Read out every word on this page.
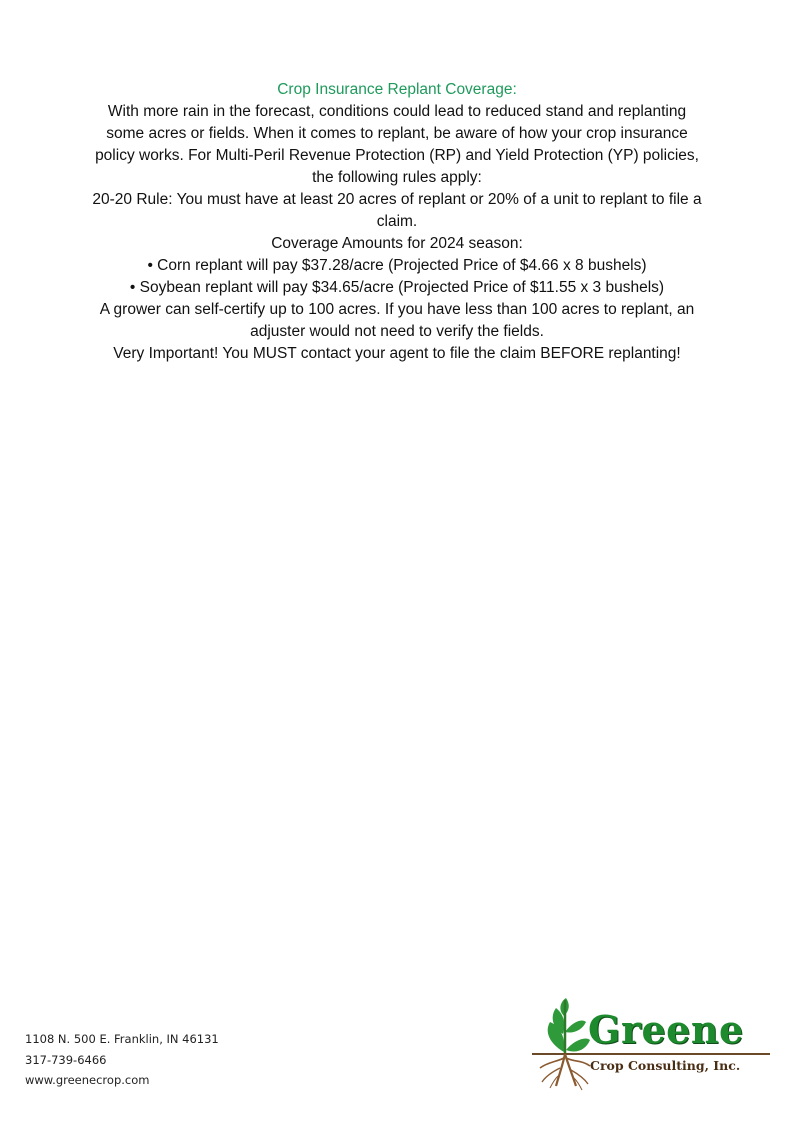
Crop Insurance Replant Coverage:
With more rain in the forecast, conditions could lead to reduced stand and replanting
some acres or fields. When it comes to replant, be aware of how your crop insurance
policy works. For Multi-Peril Revenue Protection (RP) and Yield Protection (YP) policies,
the following rules apply:
20-20 Rule: You must have at least 20 acres of replant or 20% of a unit to replant to file a
claim.
Coverage Amounts for 2024 season:
• Corn replant will pay $37.28/acre (Projected Price of $4.66 x 8 bushels)
• Soybean replant will pay $34.65/acre (Projected Price of $11.55 x 3 bushels)
A grower can self-certify up to 100 acres. If you have less than 100 acres to replant, an
adjuster would not need to verify the fields.
Very Important! You MUST contact your agent to file the claim BEFORE replanting!
1108 N. 500 E. Franklin, IN 46131
317-739-6466
www.greenecrop.com
Greene
Crop Consulting, Inc.
